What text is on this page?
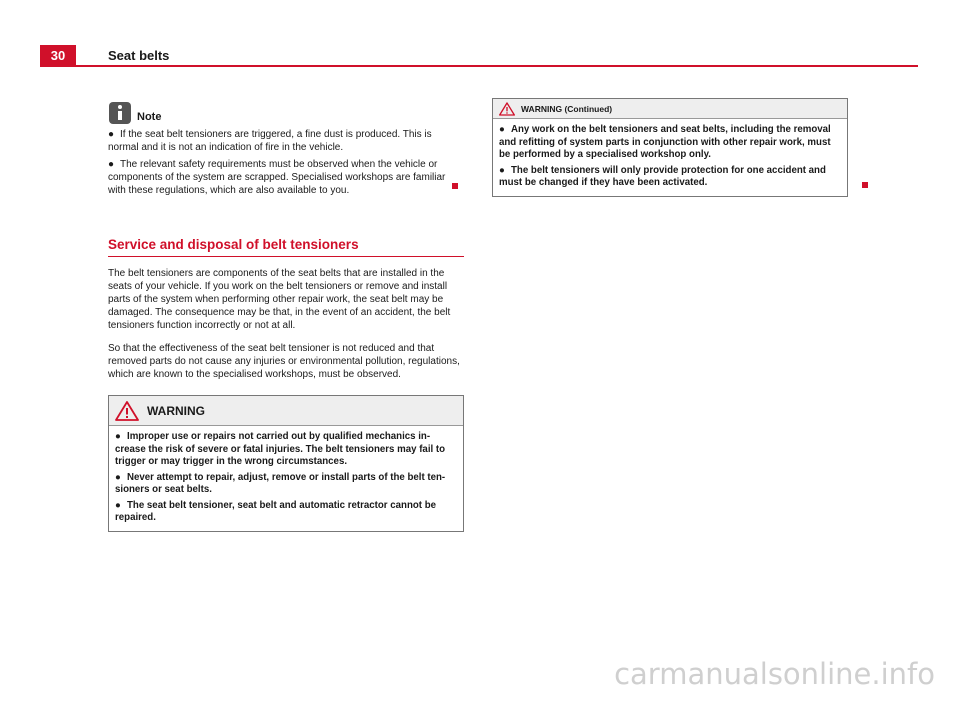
30	Seat belts
Note

● If the seat belt tensioners are triggered, a fine dust is produced. This is normal and it is not an indication of fire in the vehicle.

● The relevant safety requirements must be observed when the vehicle or components of the system are scrapped. Specialised workshops are familiar with these regulations, which are also available to you.

Service and disposal of belt tensioners

The belt tensioners are components of the seat belts that are installed in the seats of your vehicle. If you work on the belt tensioners or remove and install parts of the system when performing other repair work, the seat belt may be damaged. The consequence may be that, in the event of an accident, the belt tensioners function incorrectly or not at all.

So that the effectiveness of the seat belt tensioner is not reduced and that removed parts do not cause any injuries or environmental pollution, regulations, which are known to the specialised workshops, must be observed.

WARNING

● Improper use or repairs not carried out by qualified mechanics increase the risk of severe or fatal injuries. The belt tensioners may fail to trigger or may trigger in the wrong circumstances.

● Never attempt to repair, adjust, remove or install parts of the belt tensioners or seat belts.

● The seat belt tensioner, seat belt and automatic retractor cannot be repaired.

WARNING (Continued)

● Any work on the belt tensioners and seat belts, including the removal and refitting of system parts in conjunction with other repair work, must be performed by a specialised workshop only.

● The belt tensioners will only provide protection for one accident and must be changed if they have been activated.

carmanualsonline.info
